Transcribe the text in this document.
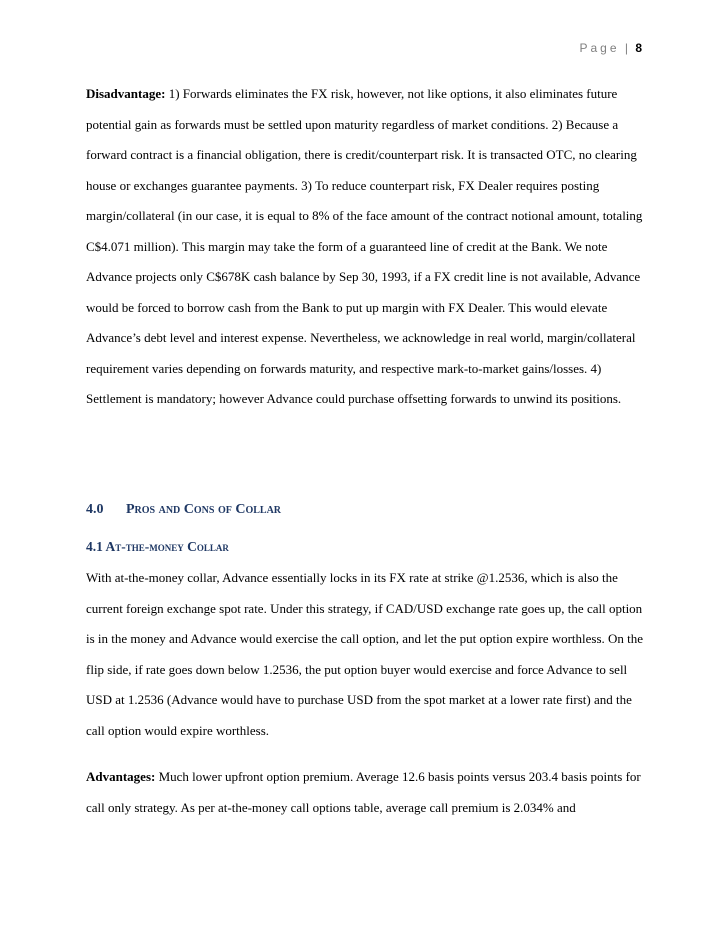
Page | 8

Disadvantage: 1) Forwards eliminates the FX risk, however, not like options, it also eliminates future potential gain as forwards must be settled upon maturity regardless of market conditions. 2) Because a forward contract is a financial obligation, there is credit/counterpart risk. It is transacted OTC, no clearing house or exchanges guarantee payments. 3) To reduce counterpart risk, FX Dealer requires posting margin/collateral (in our case, it is equal to 8% of the face amount of the contract notional amount, totaling C$4.071 million). This margin may take the form of a guaranteed line of credit at the Bank. We note Advance projects only C$678K cash balance by Sep 30, 1993, if a FX credit line is not available, Advance would be forced to borrow cash from the Bank to put up margin with FX Dealer. This would elevate Advance’s debt level and interest expense. Nevertheless, we acknowledge in real world, margin/collateral requirement varies depending on forwards maturity, and respective mark-to-market gains/losses. 4) Settlement is mandatory; however Advance could purchase offsetting forwards to unwind its positions.

4.0 Pros and Cons of Collar
4.1 At-the-money Collar

With at-the-money collar, Advance essentially locks in its FX rate at strike @1.2536, which is also the current foreign exchange spot rate. Under this strategy, if CAD/USD exchange rate goes up, the call option is in the money and Advance would exercise the call option, and let the put option expire worthless. On the flip side, if rate goes down below 1.2536, the put option buyer would exercise and force Advance to sell USD at 1.2536 (Advance would have to purchase USD from the spot market at a lower rate first) and the call option would expire worthless.

Advantages: Much lower upfront option premium. Average 12.6 basis points versus 203.4 basis points for call only strategy. As per at-the-money call options table, average call premium is 2.034% and
